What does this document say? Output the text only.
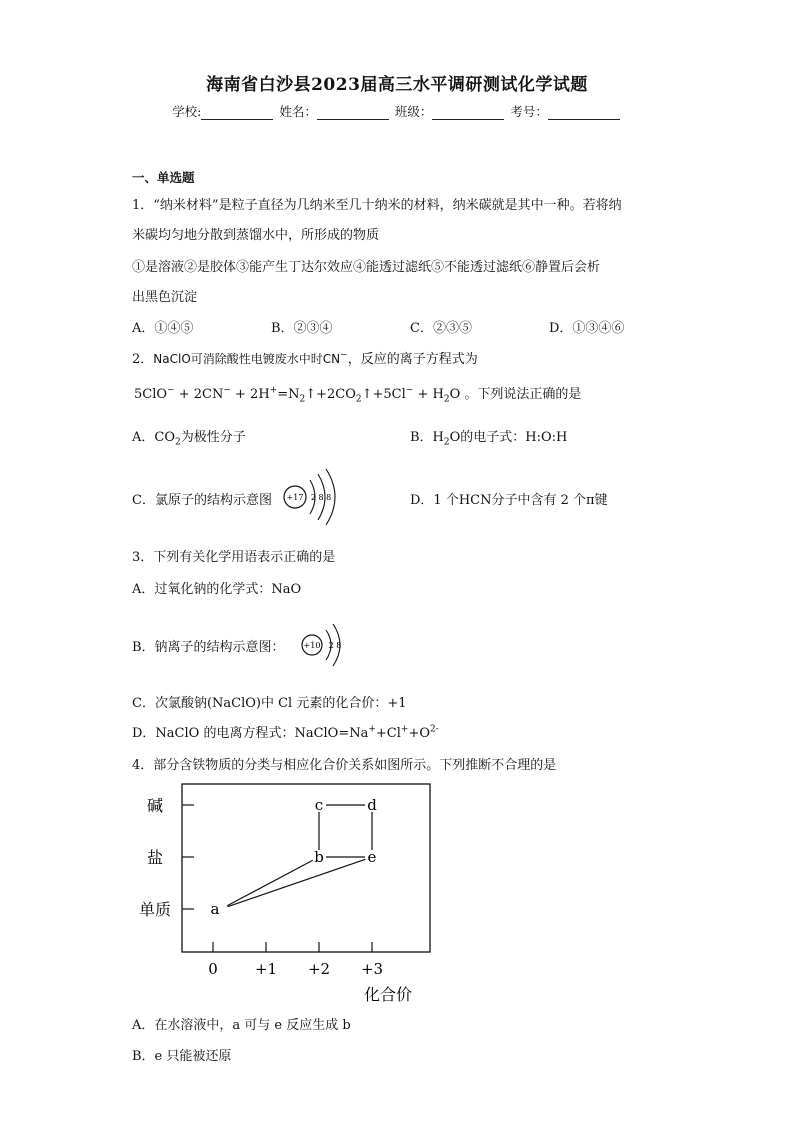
海南省白沙县2023届高三水平调研测试化学试题
学校:	姓名：	班级：	考号：
一、单选题
1．“纳米材料”是粒子直径为几纳米至几十纳米的材料，纳米碳就是其中一种。若将纳
米碳均匀地分散到蒸馏水中，所形成的物质
①是溶液②是胶体③能产生丁达尔效应④能透过滤纸⑤不能透过滤纸⑥静置后会析
出黑色沉淀
A．①④⑤	B．②③④	C．②③⑤	D．①③④⑥
2．NaClO可消除酸性电镀废水中时CN−，反应的离子方程式为
$5ClO^- + 2CN^- + 2H^+=N_2↑+2CO_2↑+5Cl^- + H_2O$ 。下列说法正确的是
A．$CO_2$为极性分子	B．$H_2O$的电子式：H:O:H
C．氯原子的结构示意图 +17 2 8 8	D．1 个HCN分子中含有 2 个π键
3．下列有关化学用语表示正确的是
A．过氧化钠的化学式：NaO
B．钠离子的结构示意图： +10 2 8
C．次氯酸钠(NaClO)中 Cl 元素的化合价：+1
D．NaClO 的电离方程式：$NaClO=Na^++Cl^++O^{2-}$
4．部分含铁物质的分类与相应化合价关系如图所示。下列推断不合理的是
单质
盐
碱
0 +1 +2 +3
a
b
c	d
e
化合价
A．在水溶液中，a 可与 e 反应生成 b
B．e 只能被还原
